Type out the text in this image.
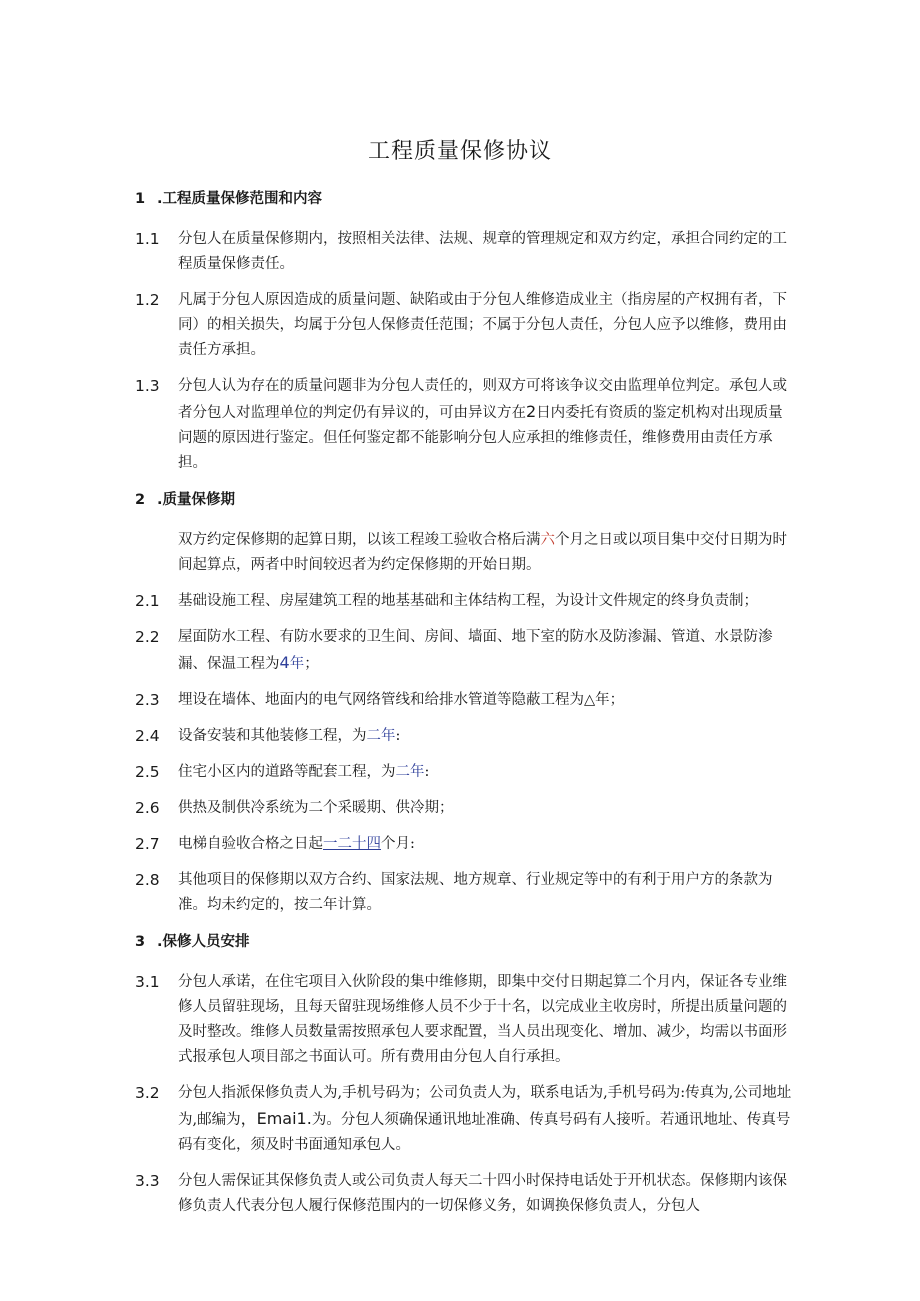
工程质量保修协议
1 .工程质量保修范围和内容
1.1	分包人在质量保修期内，按照相关法律、法规、规章的管理规定和双方约定，承担合同约定的工程质量保修责任。
1.2	凡属于分包人原因造成的质量问题、缺陷或由于分包人维修造成业主（指房屋的产权拥有者，下同）的相关损失，均属于分包人保修责任范围；不属于分包人责任，分包人应予以维修，费用由责任方承担。
1.3	分包人认为存在的质量问题非为分包人责任的，则双方可将该争议交由监理单位判定。承包人或者分包人对监理单位的判定仍有异议的，可由异议方在2日内委托有资质的鉴定机构对出现质量问题的原因进行鉴定。但任何鉴定都不能影响分包人应承担的维修责任，维修费用由责任方承担。
2 .质量保修期
双方约定保修期的起算日期，以该工程竣工验收合格后满六个月之日或以项目集中交付日期为时间起算点，两者中时间较迟者为约定保修期的开始日期。
2.1	基础设施工程、房屋建筑工程的地基基础和主体结构工程，为设计文件规定的终身负责制；
2.2	屋面防水工程、有防水要求的卫生间、房间、墙面、地下室的防水及防渗漏、管道、水景防渗漏、保温工程为4年；
2.3	埋设在墙体、地面内的电气网络管线和给排水管道等隐蔽工程为△年；
2.4	设备安装和其他装修工程，为二年:
2.5	住宅小区内的道路等配套工程，为二年:
2.6	供热及制供冷系统为二个采暖期、供冷期；
2.7	电梯自验收合格之日起一二十四个月:
2.8	其他项目的保修期以双方合约、国家法规、地方规章、行业规定等中的有利于用户方的条款为准。均未约定的，按二年计算。
3 .保修人员安排
3.1	分包人承诺，在住宅项目入伙阶段的集中维修期，即集中交付日期起算二个月内，保证各专业维修人员留驻现场，且每天留驻现场维修人员不少于十名，以完成业主收房时，所提出质量问题的及时整改。维修人员数量需按照承包人要求配置，当人员出现变化、增加、减少，均需以书面形式报承包人项目部之书面认可。所有费用由分包人自行承担。
3.2	分包人指派保修负责人为,手机号码为；公司负责人为，联系电话为,手机号码为:传真为,公司地址为,邮编为，Emai1.为。分包人须确保通讯地址准确、传真号码有人接听。若通讯地址、传真号码有变化，须及时书面通知承包人。
3.3	分包人需保证其保修负责人或公司负责人每天二十四小时保持电话处于开机状态。保修期内该保修负责人代表分包人履行保修范围内的一切保修义务，如调换保修负责人，分包人
